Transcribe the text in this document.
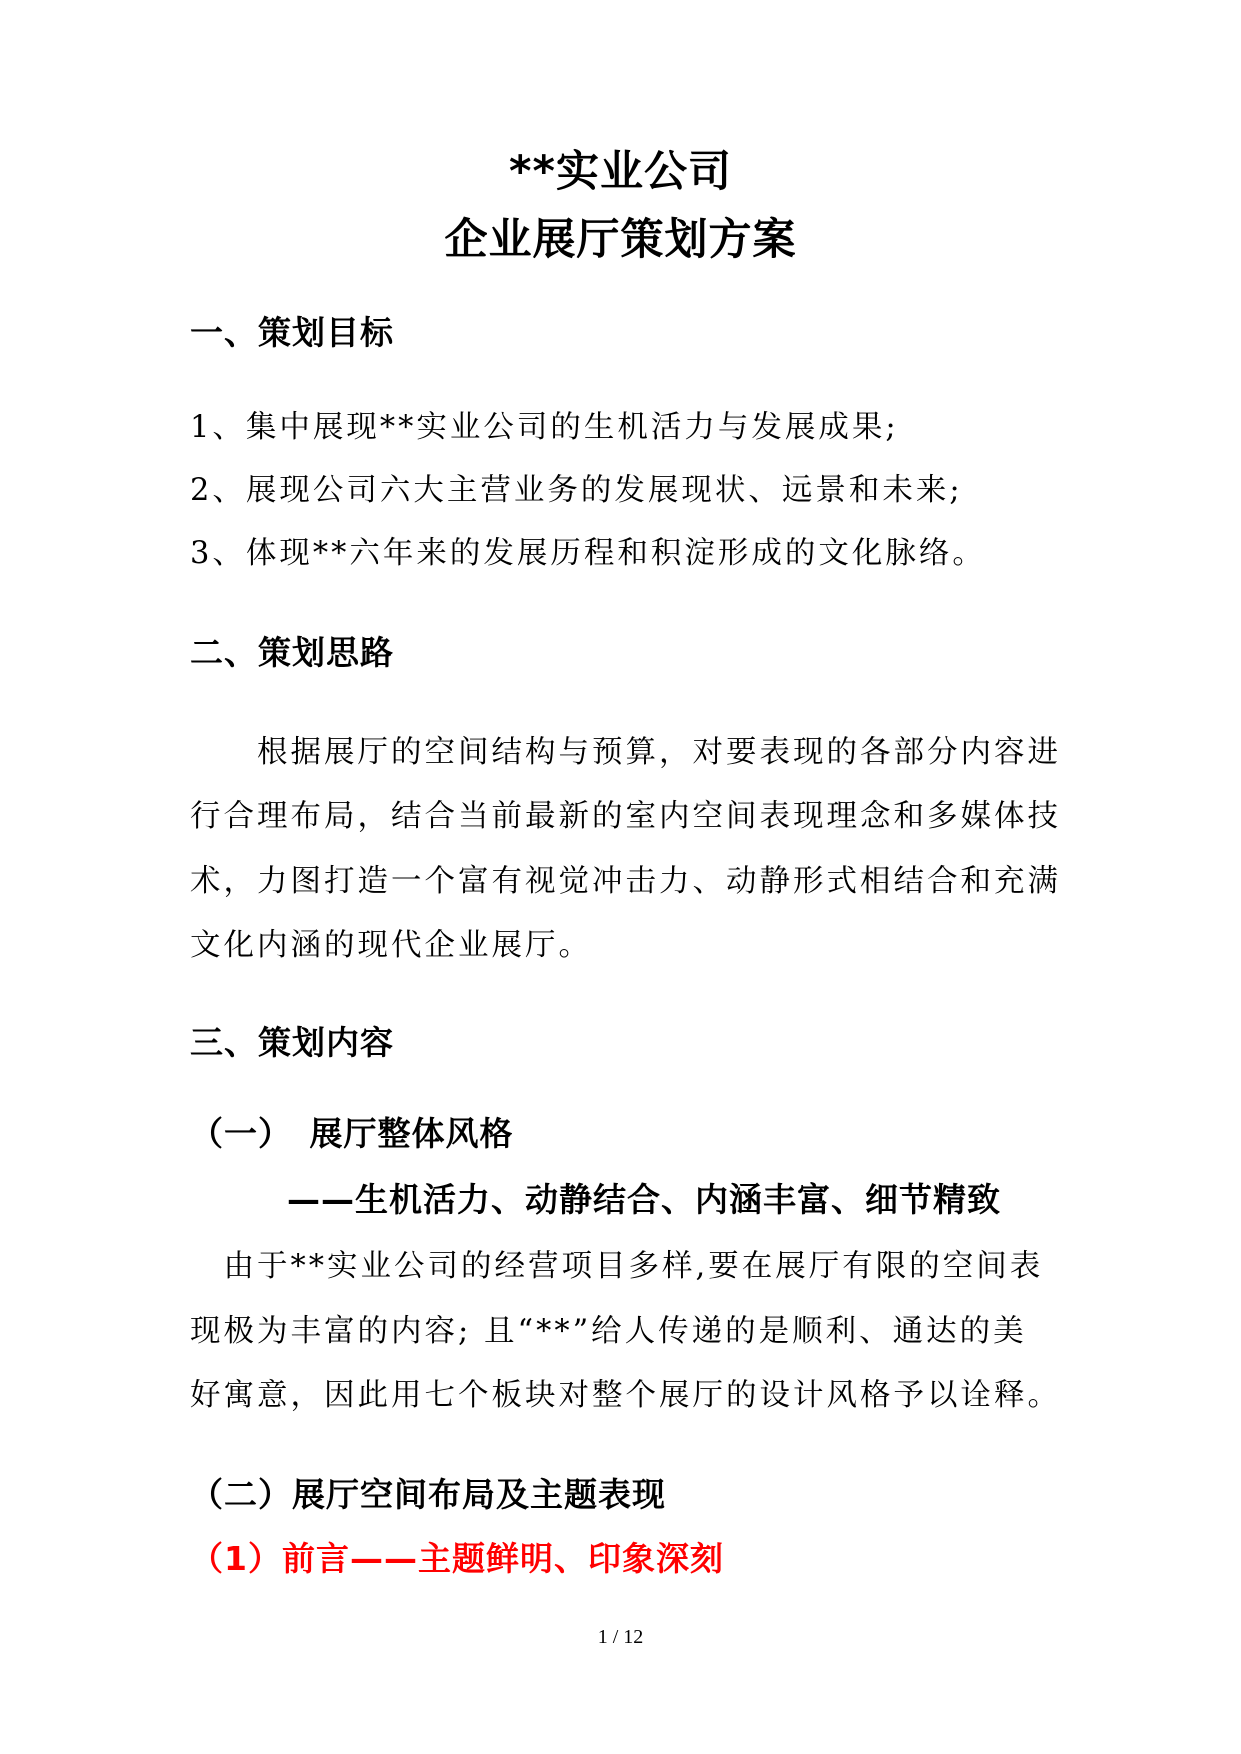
**实业公司
企业展厅策划方案
一、策划目标

1、集中展现**实业公司的生机活力与发展成果;

2、展现公司六大主营业务的发展现状、远景和未来;

3、体现**六年来的发展历程和积淀形成的文化脉络。

二、策划思路

　　根据展厅的空间结构与预算，对要表现的各部分内容进

行合理布局，结合当前最新的室内空间表现理念和多媒体技

术，力图打造一个富有视觉冲击力、动静形式相结合和充满

文化内涵的现代企业展厅。

三、策划内容
（一）　展厅整体风格
——生机活力、动静结合、内涵丰富、细节精致

　由于**实业公司的经营项目多样,要在展厅有限的空间表

现极为丰富的内容; 且“**”给人传递的是顺利、通达的美

好寓意，因此用七个板块对整个展厅的设计风格予以诠释。

（二）展厅空间布局及主题表现
（1）前言——主题鲜明、印象深刻
1 / 12
